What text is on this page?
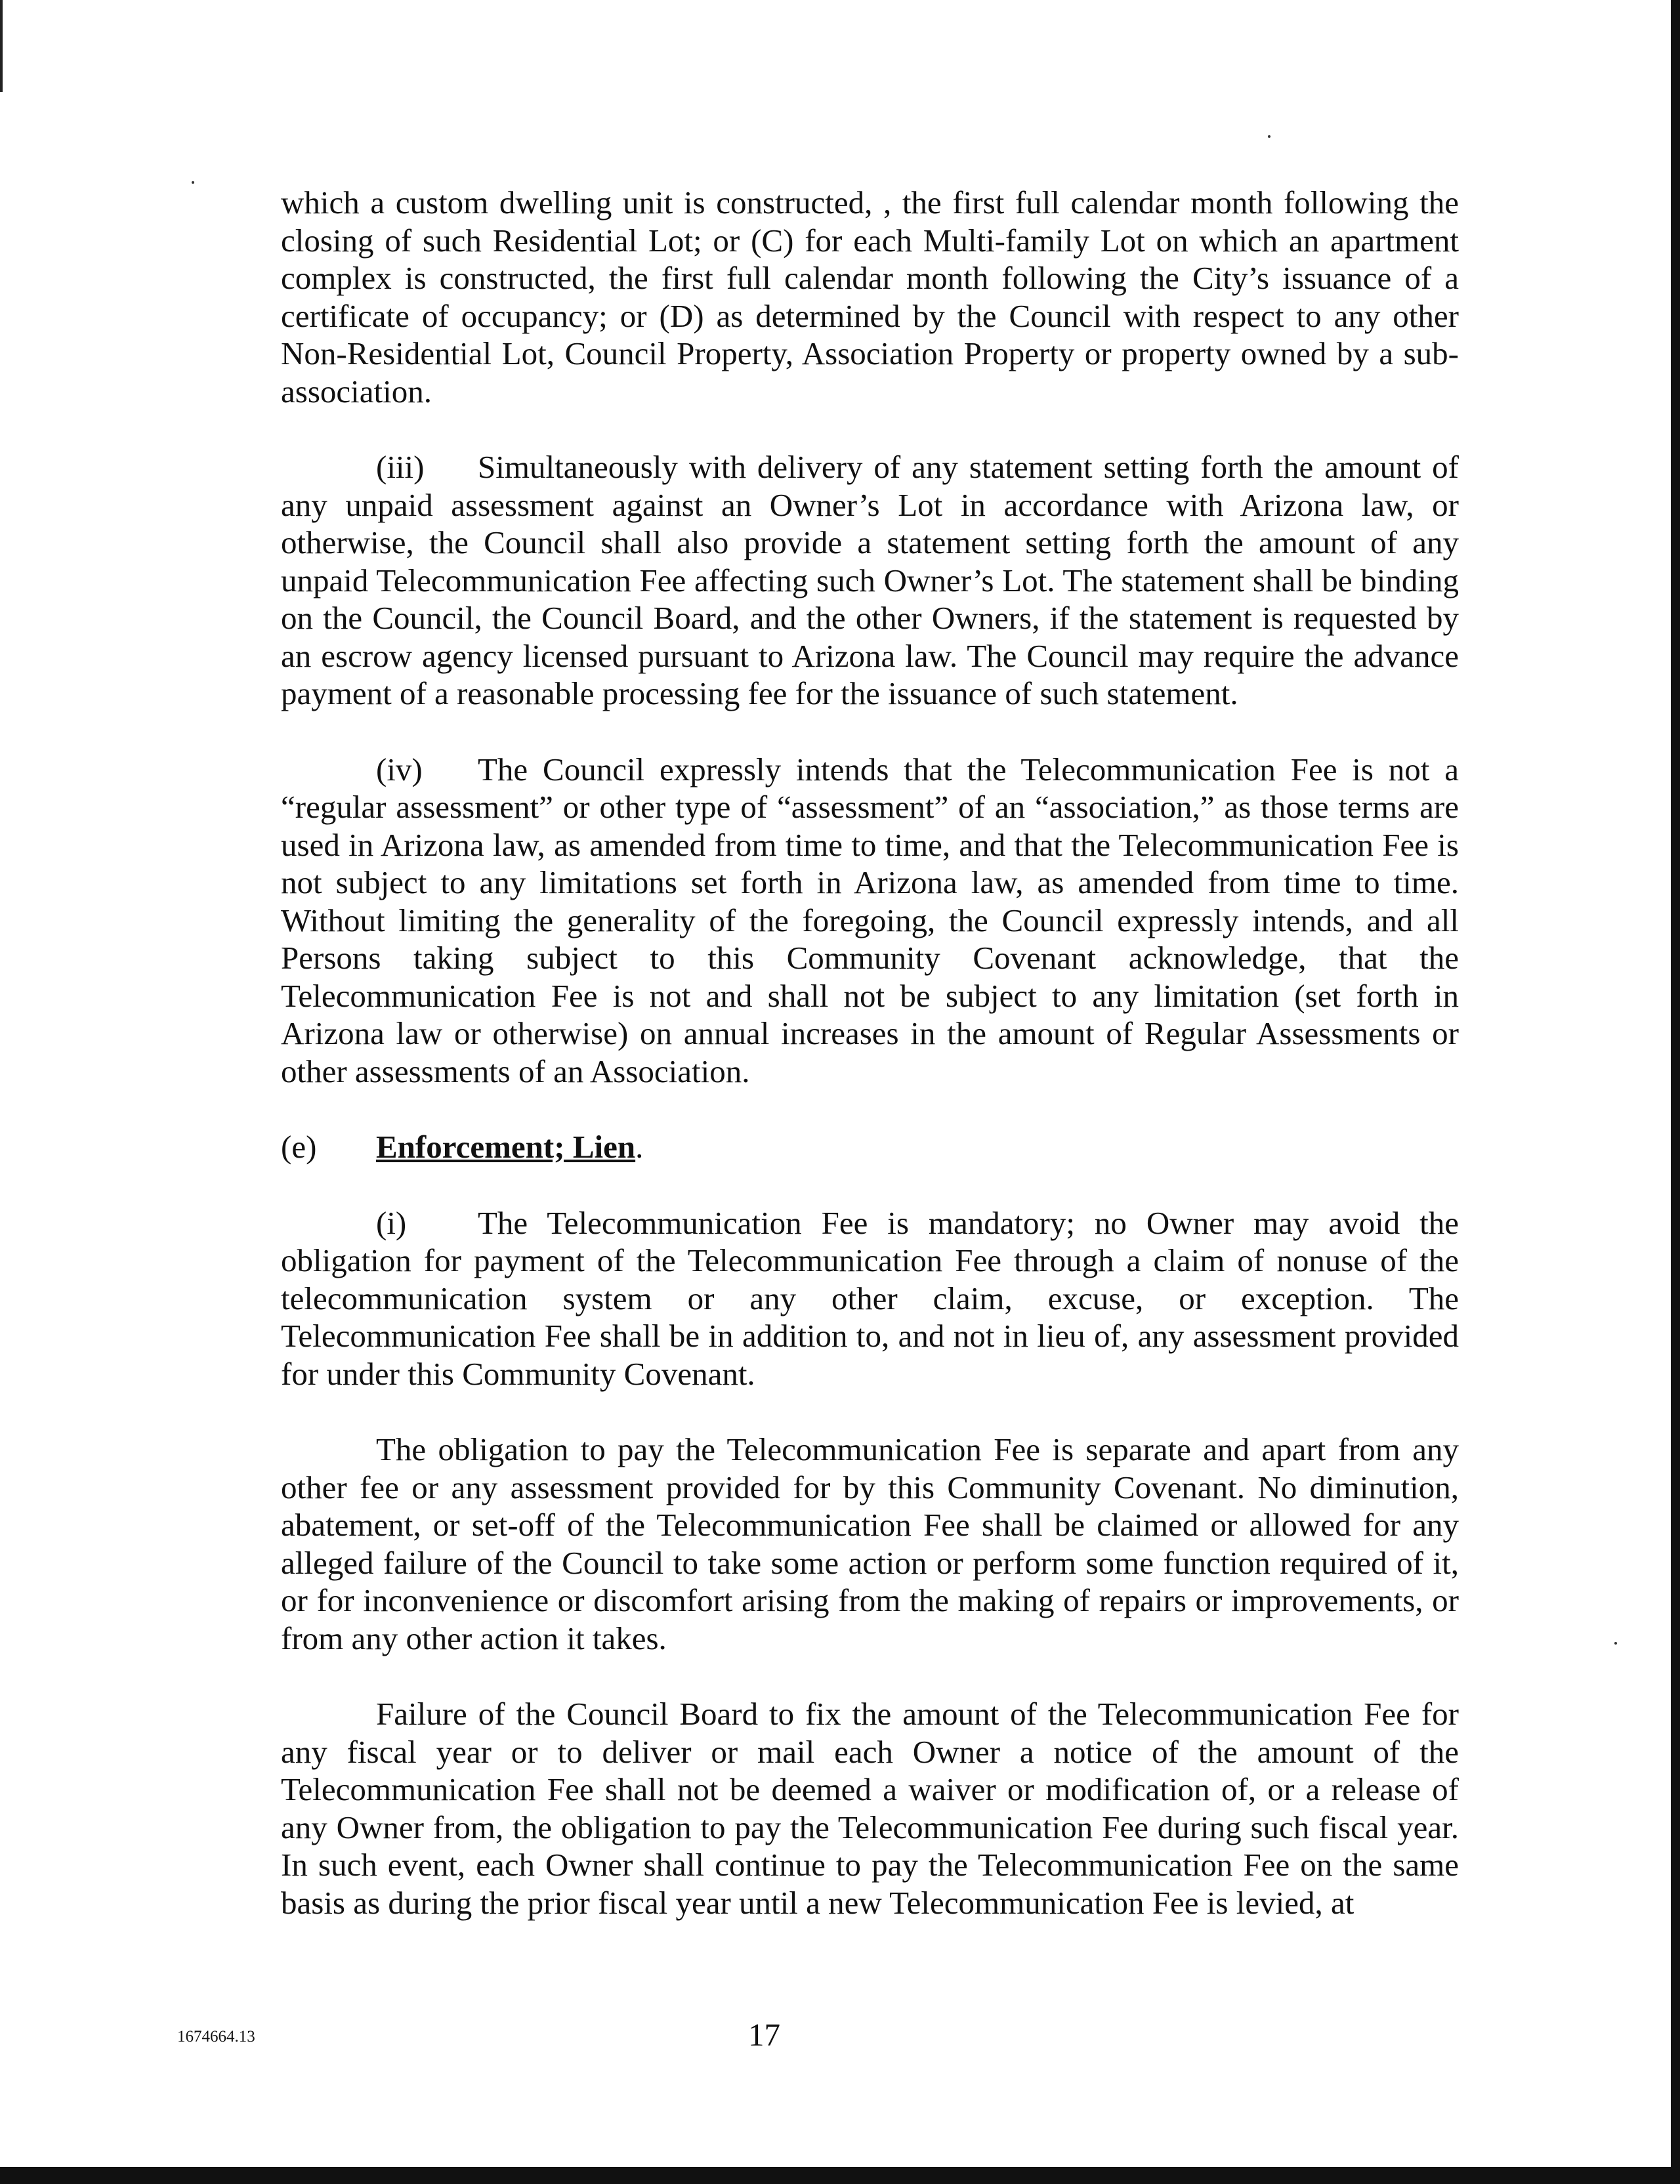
which a custom dwelling unit is constructed, , the first full calendar month following the closing of such Residential Lot; or (C) for each Multi-family Lot on which an apartment complex is constructed, the first full calendar month following the City’s issuance of a certificate of occupancy; or (D) as determined by the Council with respect to any other Non-Residential Lot, Council Property, Association Property or property owned by a sub-association.

(iii) Simultaneously with delivery of any statement setting forth the amount of any unpaid assessment against an Owner’s Lot in accordance with Arizona law, or otherwise, the Council shall also provide a statement setting forth the amount of any unpaid Telecommunication Fee affecting such Owner’s Lot. The statement shall be binding on the Council, the Council Board, and the other Owners, if the statement is requested by an escrow agency licensed pursuant to Arizona law. The Council may require the advance payment of a reasonable processing fee for the issuance of such statement.

(iv) The Council expressly intends that the Telecommunication Fee is not a “regular assessment” or other type of “assessment” of an “association,” as those terms are used in Arizona law, as amended from time to time, and that the Telecommunication Fee is not subject to any limitations set forth in Arizona law, as amended from time to time. Without limiting the generality of the foregoing, the Council expressly intends, and all Persons taking subject to this Community Covenant acknowledge, that the Telecommunication Fee is not and shall not be subject to any limitation (set forth in Arizona law or otherwise) on annual increases in the amount of Regular Assessments or other assessments of an Association.

(e) Enforcement; Lien.

(i) The Telecommunication Fee is mandatory; no Owner may avoid the obligation for payment of the Telecommunication Fee through a claim of nonuse of the telecommunication system or any other claim, excuse, or exception. The Telecommunication Fee shall be in addition to, and not in lieu of, any assessment provided for under this Community Covenant.

The obligation to pay the Telecommunication Fee is separate and apart from any other fee or any assessment provided for by this Community Covenant. No diminution, abatement, or set-off of the Telecommunication Fee shall be claimed or allowed for any alleged failure of the Council to take some action or perform some function required of it, or for inconvenience or discomfort arising from the making of repairs or improvements, or from any other action it takes.

Failure of the Council Board to fix the amount of the Telecommunication Fee for any fiscal year or to deliver or mail each Owner a notice of the amount of the Telecommunication Fee shall not be deemed a waiver or modification of, or a release of any Owner from, the obligation to pay the Telecommunication Fee during such fiscal year. In such event, each Owner shall continue to pay the Telecommunication Fee on the same basis as during the prior fiscal year until a new Telecommunication Fee is levied, at

1674664.13	17
